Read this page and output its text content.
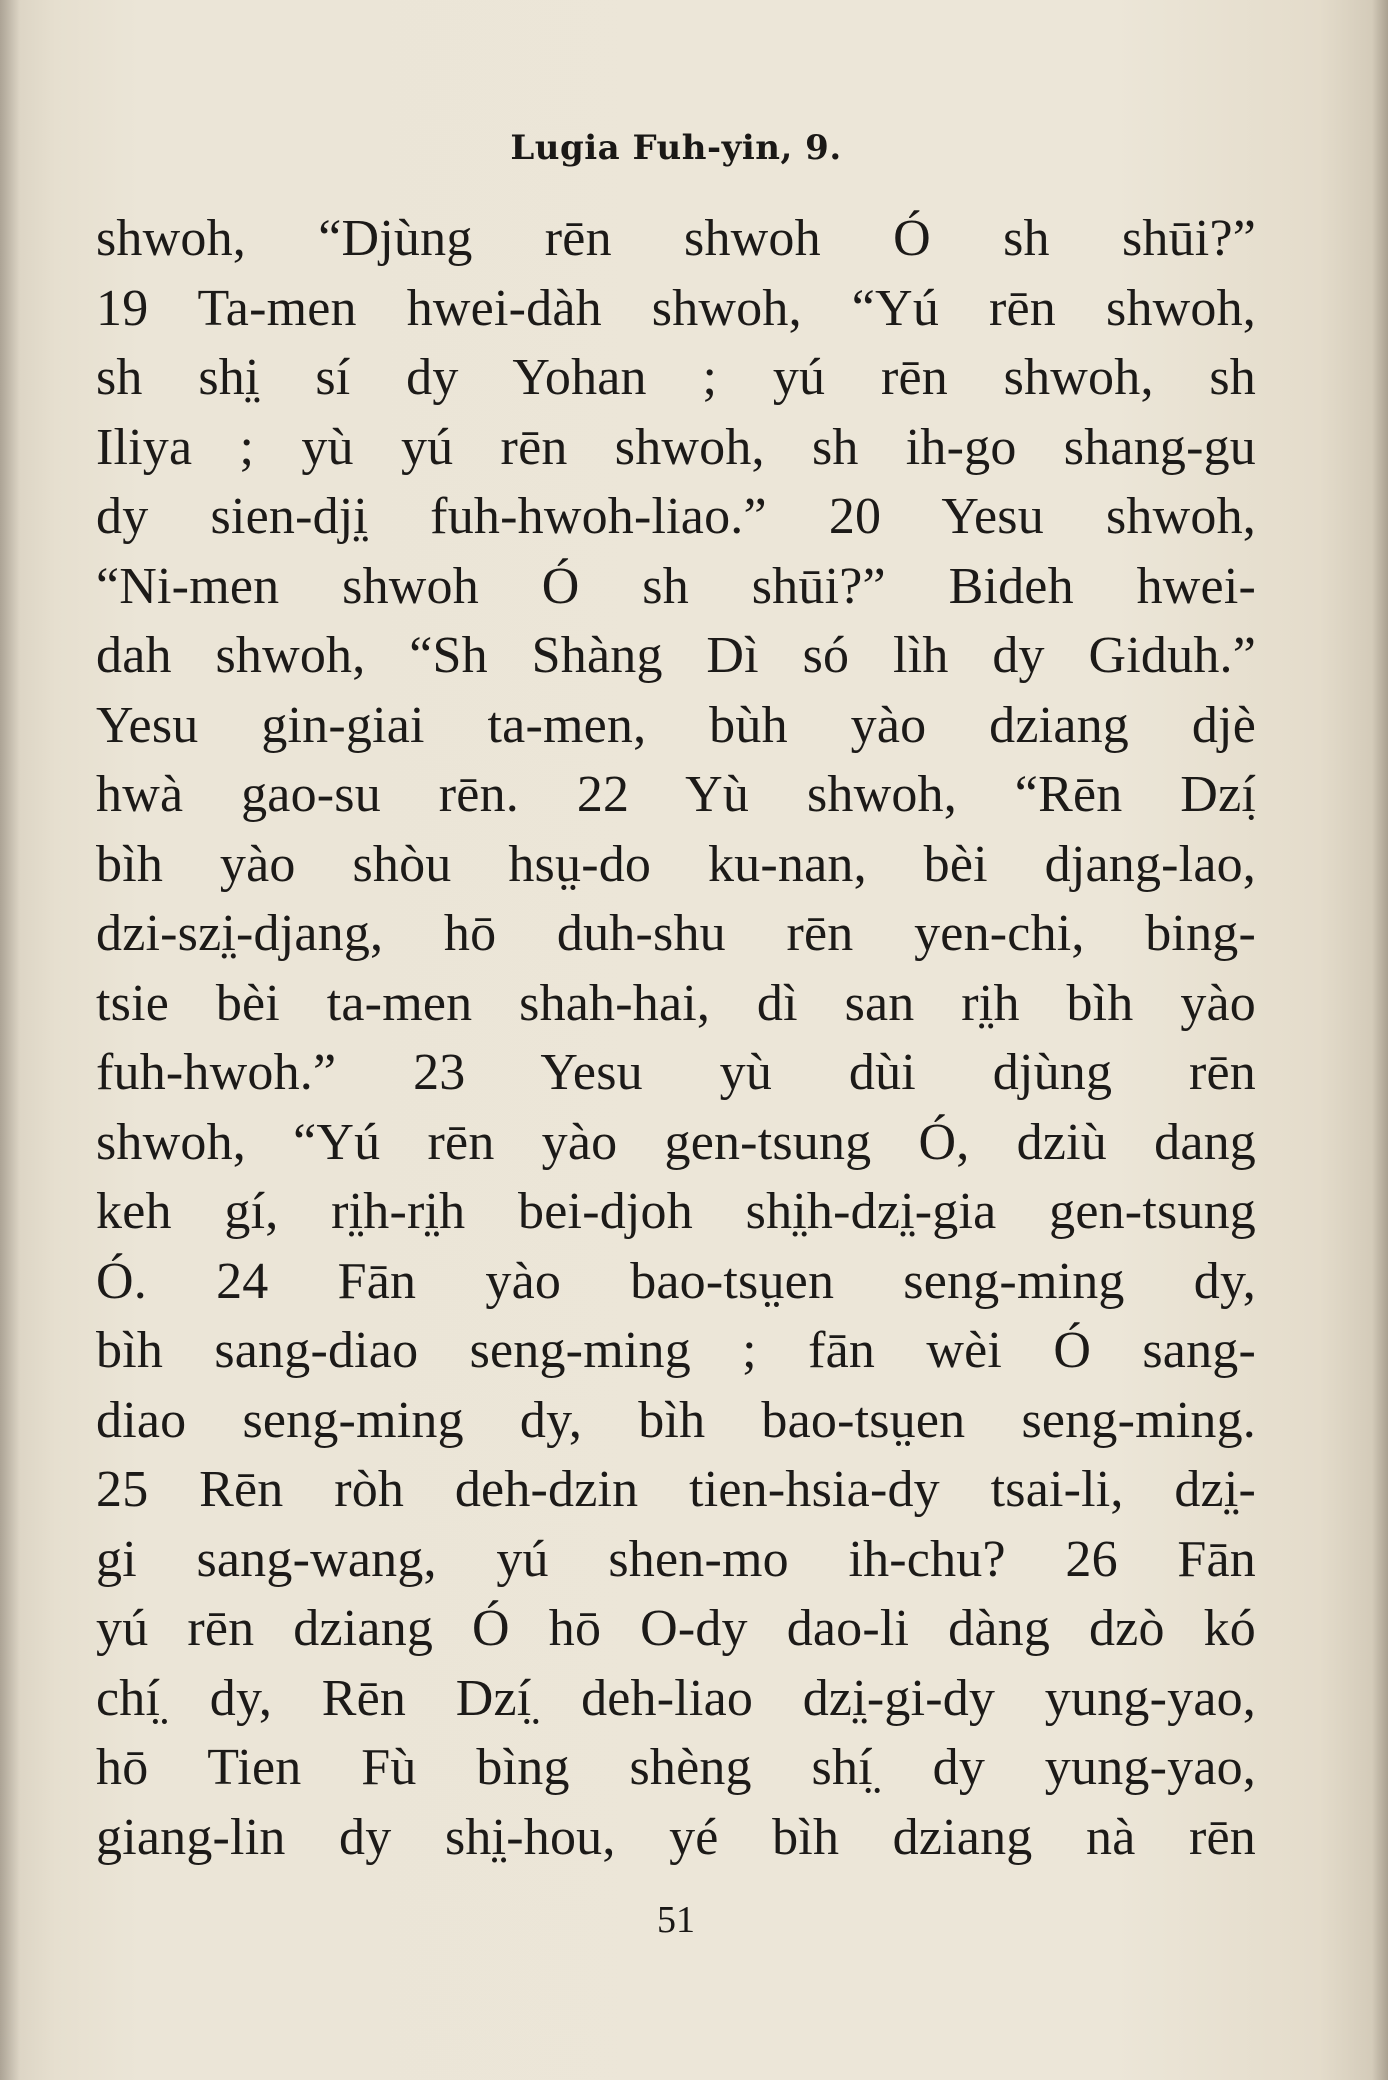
Lugia Fuh-yin, 9.
shwoh, “Djùng rēn shwoh Ó sh shūi?”
19 Ta-men hwei-dàh shwoh, “Yú rēn shwoh,
sh shi̤ sí dy Yohan ; yú rēn shwoh, sh
Iliya ; yù yú rēn shwoh, sh ih-go shang-gu
dy sien-dji̤ fuh-hwoh-liao.” 20 Yesu shwoh,
“Ni-men shwoh Ó sh shūi?” Bideh hwei-
dah shwoh, “Sh Shàng Dì só lìh dy Giduh.”
Yesu gin-giai ta-men, bùh yào dziang djè
hwà gao-su rēn. 22 Yù shwoh, “Rēn Dzí̤
bìh yào shòu hsṳ-do ku-nan, bèi djang-lao,
dzi-szi̤-djang, hō duh-shu rēn yen-chi, bing-
tsie bèi ta-men shah-hai, dì san ri̤h bìh yào
fuh-hwoh.” 23 Yesu yù dùi djùng rēn
shwoh, “Yú rēn yào gen-tsung Ó, dziù dang
keh gí, ri̤h-ri̤h bei-djoh shi̤h-dzi̤-gia gen-tsung
Ó. 24 Fān yào bao-tsṳen seng-ming dy,
bìh sang-diao seng-ming ; fān wèi Ó sang-
diao seng-ming dy, bìh bao-tsṳen seng-ming.
25 Rēn ròh deh-dzin tien-hsia-dy tsai-li, dzi̤-
gi sang-wang, yú shen-mo ih-chu? 26 Fān
yú rēn dziang Ó hō O-dy dao-li dàng dzò kó
chí̤ dy, Rēn Dzí̤ deh-liao dzi̤-gi-dy yung-yao,
hō Tien Fù bìng shèng shí̤ dy yung-yao,
giang-lin dy shi̤-hou, yé bìh dziang nà rēn
51
